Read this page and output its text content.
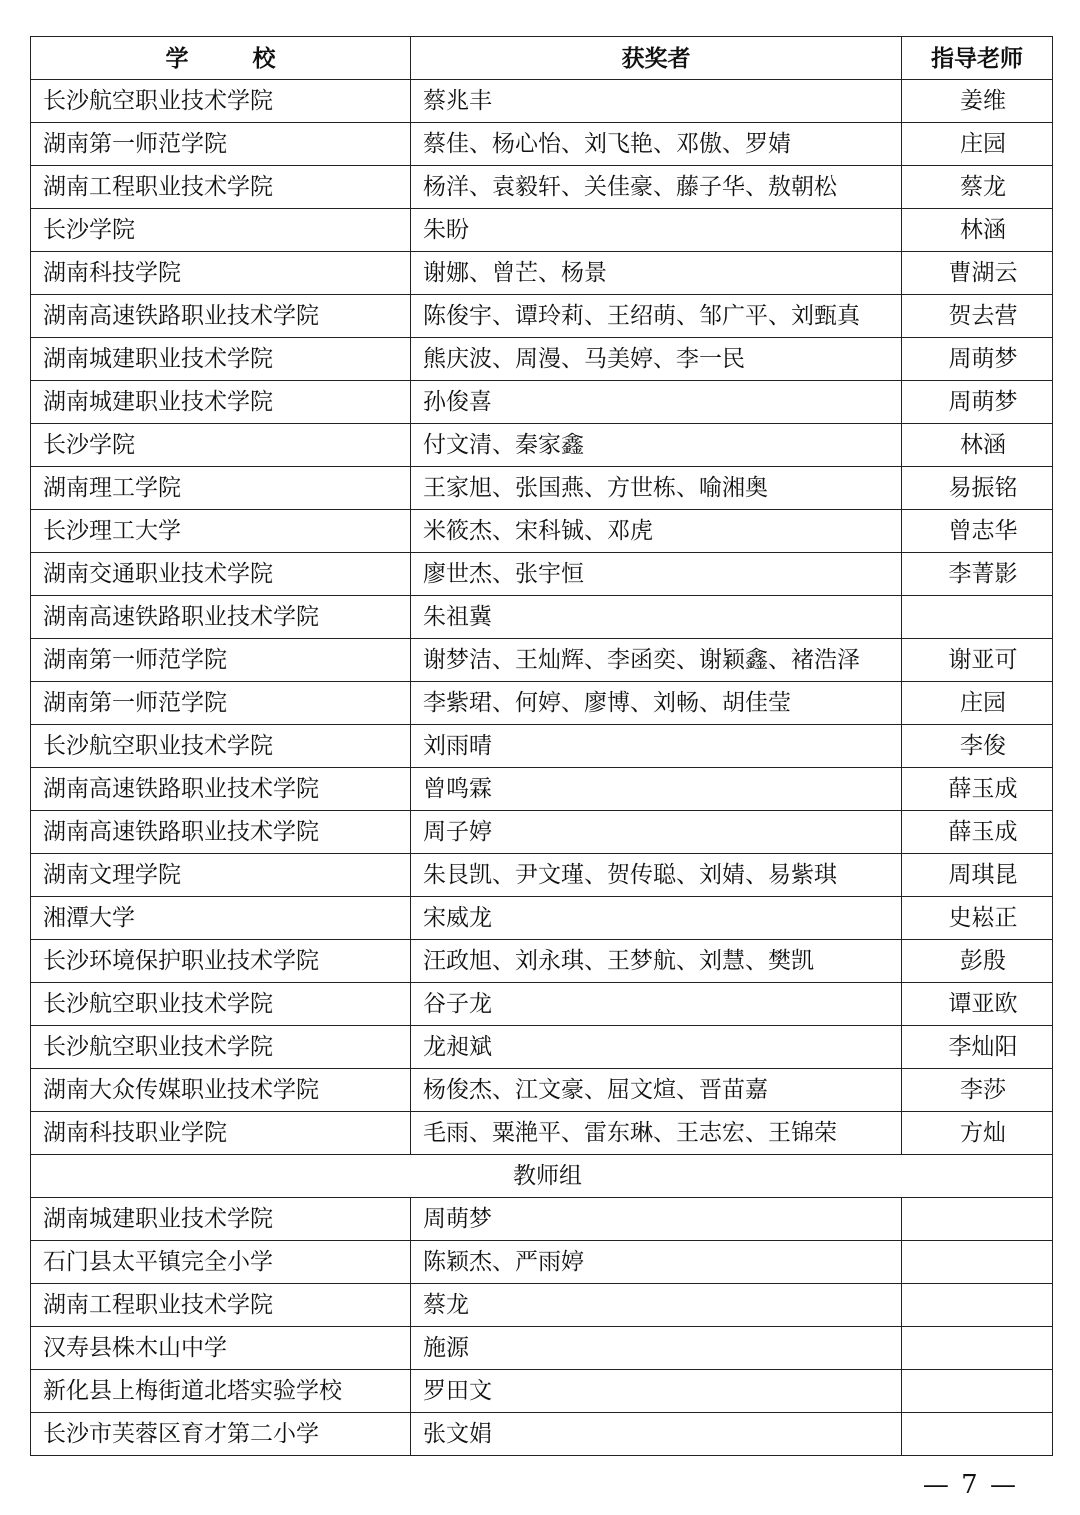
学 校	获奖者	指导老师
长沙航空职业技术学院	蔡兆丰	姜维
湖南第一师范学院	蔡佳、杨心怡、刘飞艳、邓傲、罗婧	庄园
湖南工程职业技术学院	杨洋、袁毅轩、关佳豪、藤子华、敖朝松	蔡龙
长沙学院	朱盼	林涵
湖南科技学院	谢娜、曾芒、杨景	曹湖云
湖南高速铁路职业技术学院	陈俊宇、谭玲莉、王绍萌、邹广平、刘甄真	贺去营
湖南城建职业技术学院	熊庆波、周漫、马美婷、李一民	周萌梦
湖南城建职业技术学院	孙俊喜	周萌梦
长沙学院	付文清、秦家鑫	林涵
湖南理工学院	王家旭、张国燕、方世栋、喻湘奥	易振铭
长沙理工大学	米筱杰、宋科铖、邓虎	曾志华
湖南交通职业技术学院	廖世杰、张宇恒	李菁影
湖南高速铁路职业技术学院	朱祖冀	
湖南第一师范学院	谢梦洁、王灿辉、李函奕、谢颖鑫、褚浩泽	谢亚可
湖南第一师范学院	李紫珺、何婷、廖博、刘畅、胡佳莹	庄园
长沙航空职业技术学院	刘雨晴	李俊
湖南高速铁路职业技术学院	曾鸣霖	薛玉成
湖南高速铁路职业技术学院	周子婷	薛玉成
湖南文理学院	朱艮凯、尹文瑾、贺传聪、刘婧、易紫琪	周琪昆
湘潭大学	宋威龙	史崧正
长沙环境保护职业技术学院	汪政旭、刘永琪、王梦航、刘慧、樊凯	彭殷
长沙航空职业技术学院	谷子龙	谭亚欧
长沙航空职业技术学院	龙昶斌	李灿阳
湖南大众传媒职业技术学院	杨俊杰、江文豪、屈文煊、晋苗嘉	李莎
湖南科技职业学院	毛雨、粟滟平、雷东琳、王志宏、王锦荣	方灿
教师组		
湖南城建职业技术学院	周萌梦	
石门县太平镇完全小学	陈颖杰、严雨婷	
湖南工程职业技术学院	蔡龙	
汉寿县株木山中学	施源	
新化县上梅街道北塔实验学校	罗田文	
长沙市芙蓉区育才第二小学	张文娟	
— 7 —
